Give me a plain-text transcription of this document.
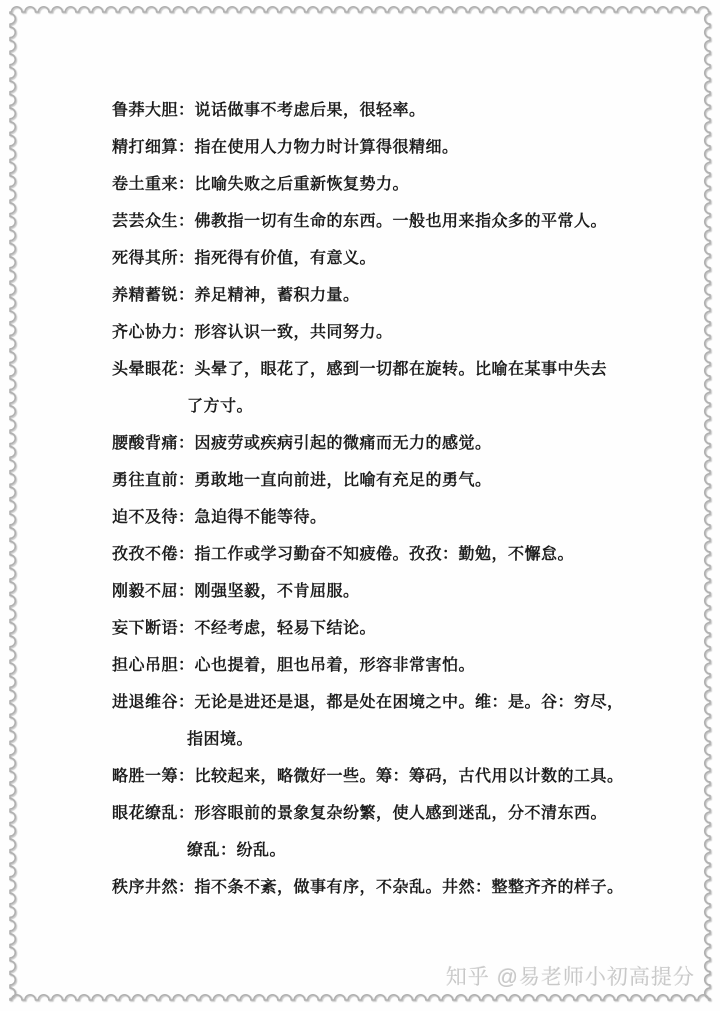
鲁莽大胆：说话做事不考虑后果，很轻率。
精打细算：指在使用人力物力时计算得很精细。
卷土重来：比喻失败之后重新恢复势力。
芸芸众生：佛教指一切有生命的东西。一般也用来指众多的平常人。
死得其所：指死得有价值，有意义。
养精蓄锐：养足精神，蓄积力量。
齐心协力：形容认识一致，共同努力。
头晕眼花：头晕了，眼花了，感到一切都在旋转。比喻在某事中失去
了方寸。
腰酸背痛：因疲劳或疾病引起的微痛而无力的感觉。
勇往直前：勇敢地一直向前进，比喻有充足的勇气。
迫不及待：急迫得不能等待。
孜孜不倦：指工作或学习勤奋不知疲倦。孜孜：勤勉，不懈怠。
刚毅不屈：刚强坚毅，不肯屈服。
妄下断语：不经考虑，轻易下结论。
担心吊胆：心也提着，胆也吊着，形容非常害怕。
进退维谷：无论是进还是退，都是处在困境之中。维：是。谷：穷尽，
指困境。
略胜一筹：比较起来，略微好一些。筹：筹码，古代用以计数的工具。
眼花缭乱：形容眼前的景象复杂纷繁，使人感到迷乱，分不清东西。
缭乱：纷乱。
秩序井然：指不条不紊，做事有序，不杂乱。井然：整整齐齐的样子。
知乎 @易老师小初高提分
